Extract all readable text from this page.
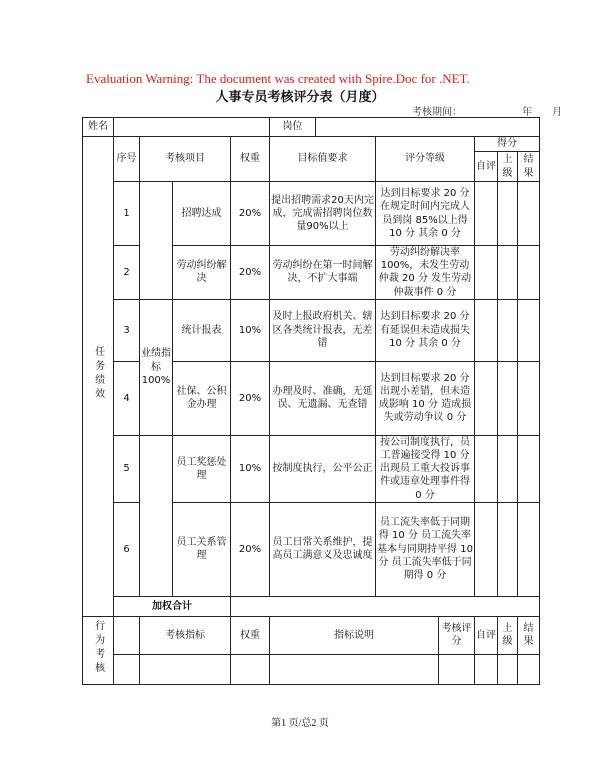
Evaluation Warning: The document was created with Spire.Doc for .NET.
人事专员考核评分表（月度）
考核期间：	年 月
姓名					岗位						
任务绩效	序号	考核项目		权重	目标值要求		评分等级		得分		
									自评	上级	结果
	1		招聘达成	20%	提出招聘需求20天内完成，完成需招聘岗位数量90%以上		达到目标要求 20 分 在规定时间内完成人员到岗 85%以上得 10 分 其余 0 分				
	2		劳动纠纷解决	20%	劳动纠纷在第一时间解决，不扩大事端		劳动纠纷解决率 100%，未发生劳动仲裁 20 分 发生劳动仲裁事件 0 分				
	3	业绩指标100%	统计报表	10%	及时上报政府机关、辖区各类统计报表，无差错		达到目标要求 20 分 有延误但未造成损失 10 分 其余 0 分				
	4		社保、公积金办理	20%	办理及时、准确，无延误、无遗漏、无查错		达到目标要求 20 分 出现小差错，但未造成影响 10 分 造成损失或劳动争议 0 分				
	5		员工奖惩处理	10%	按制度执行，公平公正		按公司制度执行，员工普遍接受得 10 分 出现员工重大投诉事件或违章处理事件得 0 分				
	6		员工关系管理	20%	员工日常关系维护，提高员工满意义及忠诚度		员工流失率低于同期得 10 分 员工流失率基本与同期持平得 10 分 员工流失率低于同期得 0 分				
	加权合计										
行为考核		考核指标		权重	指标说明			考核评分	自评	上级	结果

第1 页/总2 页
